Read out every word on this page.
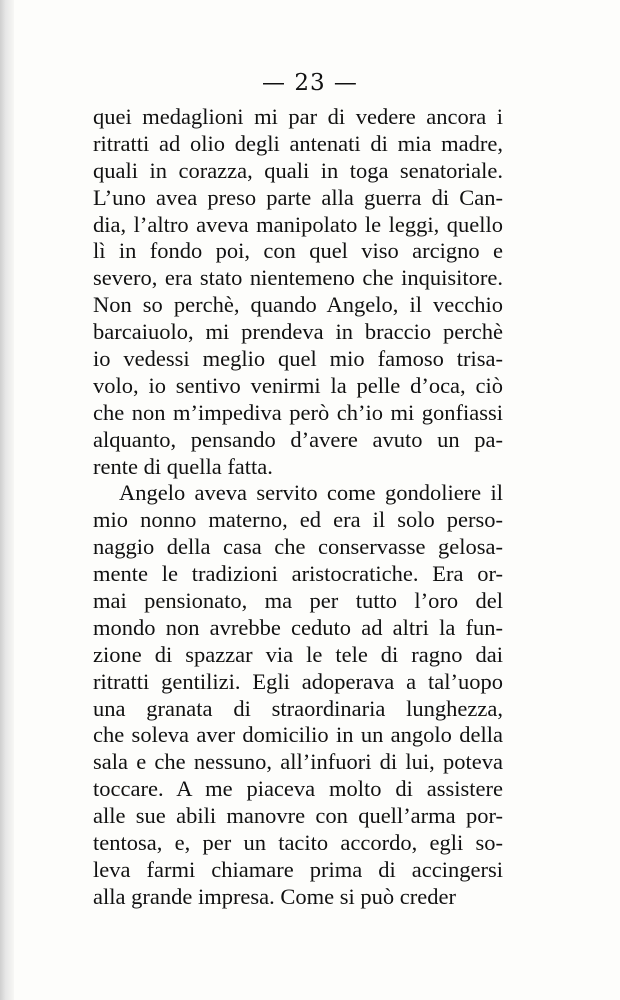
— 23 —
quei medaglioni mi par di vedere ancora i
ritratti ad olio degli antenati di mia madre,
quali in corazza, quali in toga senatoriale.
L’uno avea preso parte alla guerra di Can-
dia, l’altro aveva manipolato le leggi, quello
lì in fondo poi, con quel viso arcigno e
severo, era stato nientemeno che inquisitore.
Non so perchè, quando Angelo, il vecchio
barcaiuolo, mi prendeva in braccio perchè
io vedessi meglio quel mio famoso trisa-
volo, io sentivo venirmi la pelle d’oca, ciò
che non m’impediva però ch’io mi gonfiassi
alquanto, pensando d’avere avuto un pa-
rente di quella fatta.
Angelo aveva servito come gondoliere il
mio nonno materno, ed era il solo perso-
naggio della casa che conservasse gelosa-
mente le tradizioni aristocratiche. Era or-
mai pensionato, ma per tutto l’oro del
mondo non avrebbe ceduto ad altri la fun-
zione di spazzar via le tele di ragno dai
ritratti gentilizi. Egli adoperava a tal’uopo
una granata di straordinaria lunghezza,
che soleva aver domicilio in un angolo della
sala e che nessuno, all’infuori di lui, poteva
toccare. A me piaceva molto di assistere
alle sue abili manovre con quell’arma por-
tentosa, e, per un tacito accordo, egli so-
leva farmi chiamare prima di accingersi
alla grande impresa. Come si può creder
